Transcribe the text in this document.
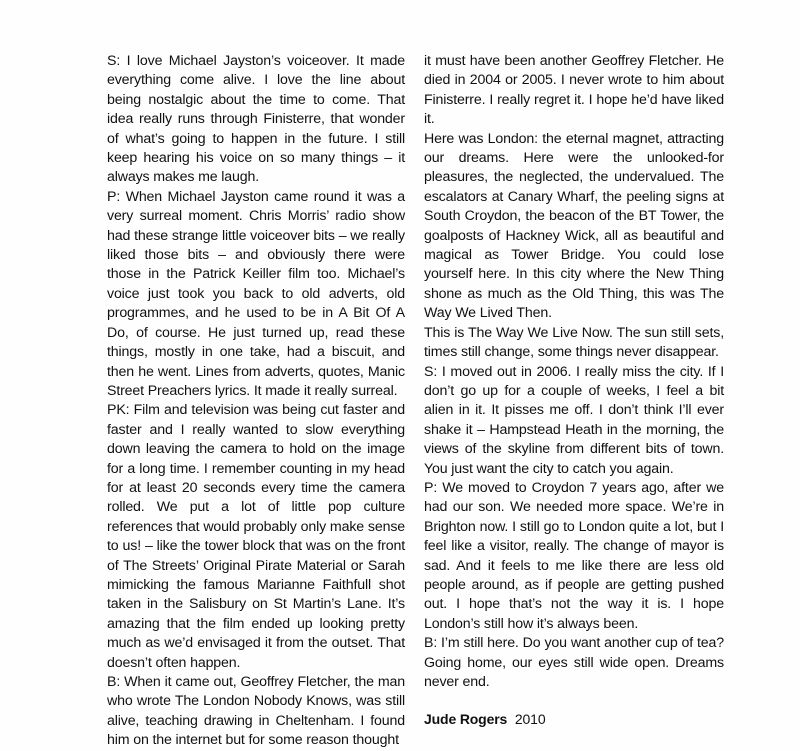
S: I love Michael Jayston’s voiceover. It made everything come alive. I love the line about being nostalgic about the time to come. That idea really runs through Finisterre, that wonder of what’s going to happen in the future. I still keep hearing his voice on so many things – it always makes me laugh.

P: When Michael Jayston came round it was a very surreal moment. Chris Morris’ radio show had these strange little voiceover bits – we really liked those bits – and obviously there were those in the Patrick Keiller film too. Michael’s voice just took you back to old adverts, old programmes, and he used to be in A Bit Of A Do, of course. He just turned up, read these things, mostly in one take, had a biscuit, and then he went. Lines from adverts, quotes, Manic Street Preachers lyrics. It made it really surreal.

PK: Film and television was being cut faster and faster and I really wanted to slow everything down leaving the camera to hold on the image for a long time. I remember counting in my head for at least 20 seconds every time the camera rolled. We put a lot of little pop culture references that would probably only make sense to us! – like the tower block that was on the front of The Streets’ Original Pirate Material or Sarah mimicking the famous Marianne Faithfull shot taken in the Salisbury on St Martin’s Lane. It’s amazing that the film ended up looking pretty much as we’d envisaged it from the outset. That doesn’t often happen.

B: When it came out, Geoffrey Fletcher, the man who wrote The London Nobody Knows, was still alive, teaching drawing in Cheltenham. I found him on the internet but for some reason thought

it must have been another Geoffrey Fletcher. He died in 2004 or 2005. I never wrote to him about Finisterre. I really regret it. I hope he’d have liked it.

Here was London: the eternal magnet, attracting our dreams. Here were the unlooked-for pleasures, the neglected, the undervalued. The escalators at Canary Wharf, the peeling signs at South Croydon, the beacon of the BT Tower, the goalposts of Hackney Wick, all as beautiful and magical as Tower Bridge. You could lose yourself here. In this city where the New Thing shone as much as the Old Thing, this was The Way We Lived Then.

This is The Way We Live Now. The sun still sets, times still change, some things never disappear.

S: I moved out in 2006. I really miss the city. If I don’t go up for a couple of weeks, I feel a bit alien in it. It pisses me off. I don’t think I’ll ever shake it – Hampstead Heath in the morning, the views of the skyline from different bits of town. You just want the city to catch you again.

P: We moved to Croydon 7 years ago, after we had our son. We needed more space. We’re in Brighton now. I still go to London quite a lot, but I feel like a visitor, really. The change of mayor is sad. And it feels to me like there are less old people around, as if people are getting pushed out. I hope that’s not the way it is. I hope London’s still how it’s always been.

B: I’m still here. Do you want another cup of tea? Going home, our eyes still wide open. Dreams never end.

Jude Rogers 2010
